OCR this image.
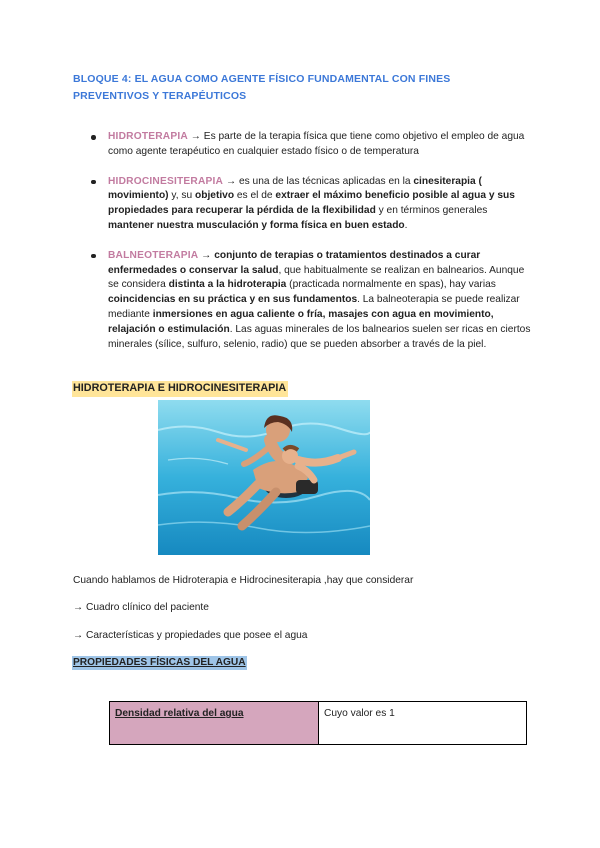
BLOQUE 4: EL AGUA COMO AGENTE FÍSICO FUNDAMENTAL CON FINES
PREVENTIVOS Y TERAPÉUTICOS
HIDROTERAPIA → Es parte de la terapia física que tiene como objetivo el empleo de agua como agente terapéutico en cualquier estado físico o de temperatura
HIDROCINESITERAPIA → es una de las técnicas aplicadas en la cinesiterapia ( movimiento) y, su objetivo es el de extraer el máximo beneficio posible al agua y sus propiedades para recuperar la pérdida de la flexibilidad y en términos generales mantener nuestra musculación y forma física en buen estado.
BALNEOTERAPIA → conjunto de terapias o tratamientos destinados a curar enfermedades o conservar la salud, que habitualmente se realizan en balnearios. Aunque se considera distinta a la hidroterapia (practicada normalmente en spas), hay varias coincidencias en su práctica y en sus fundamentos. La balneoterapia se puede realizar mediante inmersiones en agua caliente o fría, masajes con agua en movimiento, relajación o estimulación. Las aguas minerales de los balnearios suelen ser ricas en ciertos minerales (sílice, sulfuro, selenio, radio) que se pueden absorber a través de la piel.
HIDROTERAPIA E HIDROCINESITERAPIA
Cuando hablamos de Hidroterapia e Hidrocinesiterapia ,hay que considerar
→ Cuadro clínico del paciente
→ Características y propiedades que posee el agua
PROPIEDADES FÍSICAS DEL AGUA
Densidad relativa del agua	Cuyo valor es 1
